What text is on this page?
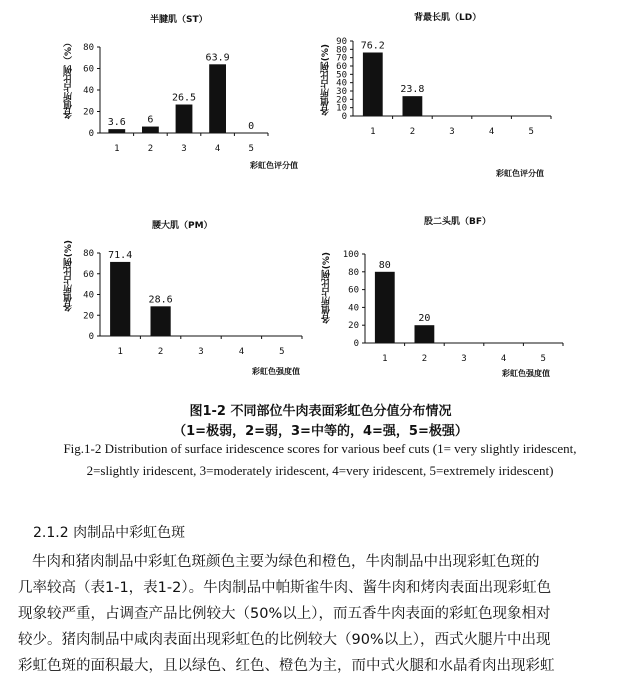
半腱肌（ST）
各值所占比例（%）
彩虹色评分值
0
20
40
60
80
1
3.6
2
6
3
26.5
4
63.9
5
0
背最长肌（LD）
各值所占比例(%)
彩虹色评分值
0
10
20
30
40
50
60
70
80
90
1
76.2
2
23.8
3	4	5
腰大肌（PM）
各值所占比例(%)
彩虹色强度值
0
20
40
60
80
1
71.4
2
28.6
3	4	5
股二头肌（BF）
各值所占比例(%)
彩虹色强度值
0
20
40
60
80
100
1
80
2
20
3	4	5
图1-2 不同部位牛肉表面彩虹色分值分布情况
（1=极弱，2=弱，3=中等的，4=强，5=极强）
Fig.1-2 Distribution of surface iridescence scores for various beef cuts (1= very slightly iridescent,
2=slightly iridescent, 3=moderately iridescent, 4=very iridescent, 5=extremely iridescent)
2.1.2 肉制品中彩虹色斑

牛肉和猪肉制品中彩虹色斑颜色主要为绿色和橙色，牛肉制品中出现彩虹色斑的

几率较高（表1-1，表1-2）。牛肉制品中帕斯雀牛肉、酱牛肉和烤肉表面出现彩虹色

现象较严重，占调查产品比例较大（50%以上），而五香牛肉表面的彩虹色现象相对

较少。猪肉制品中咸肉表面出现彩虹色的比例较大（90%以上），西式火腿片中出现

彩虹色斑的面积最大，且以绿色、红色、橙色为主，而中式火腿和水晶肴肉出现彩虹
